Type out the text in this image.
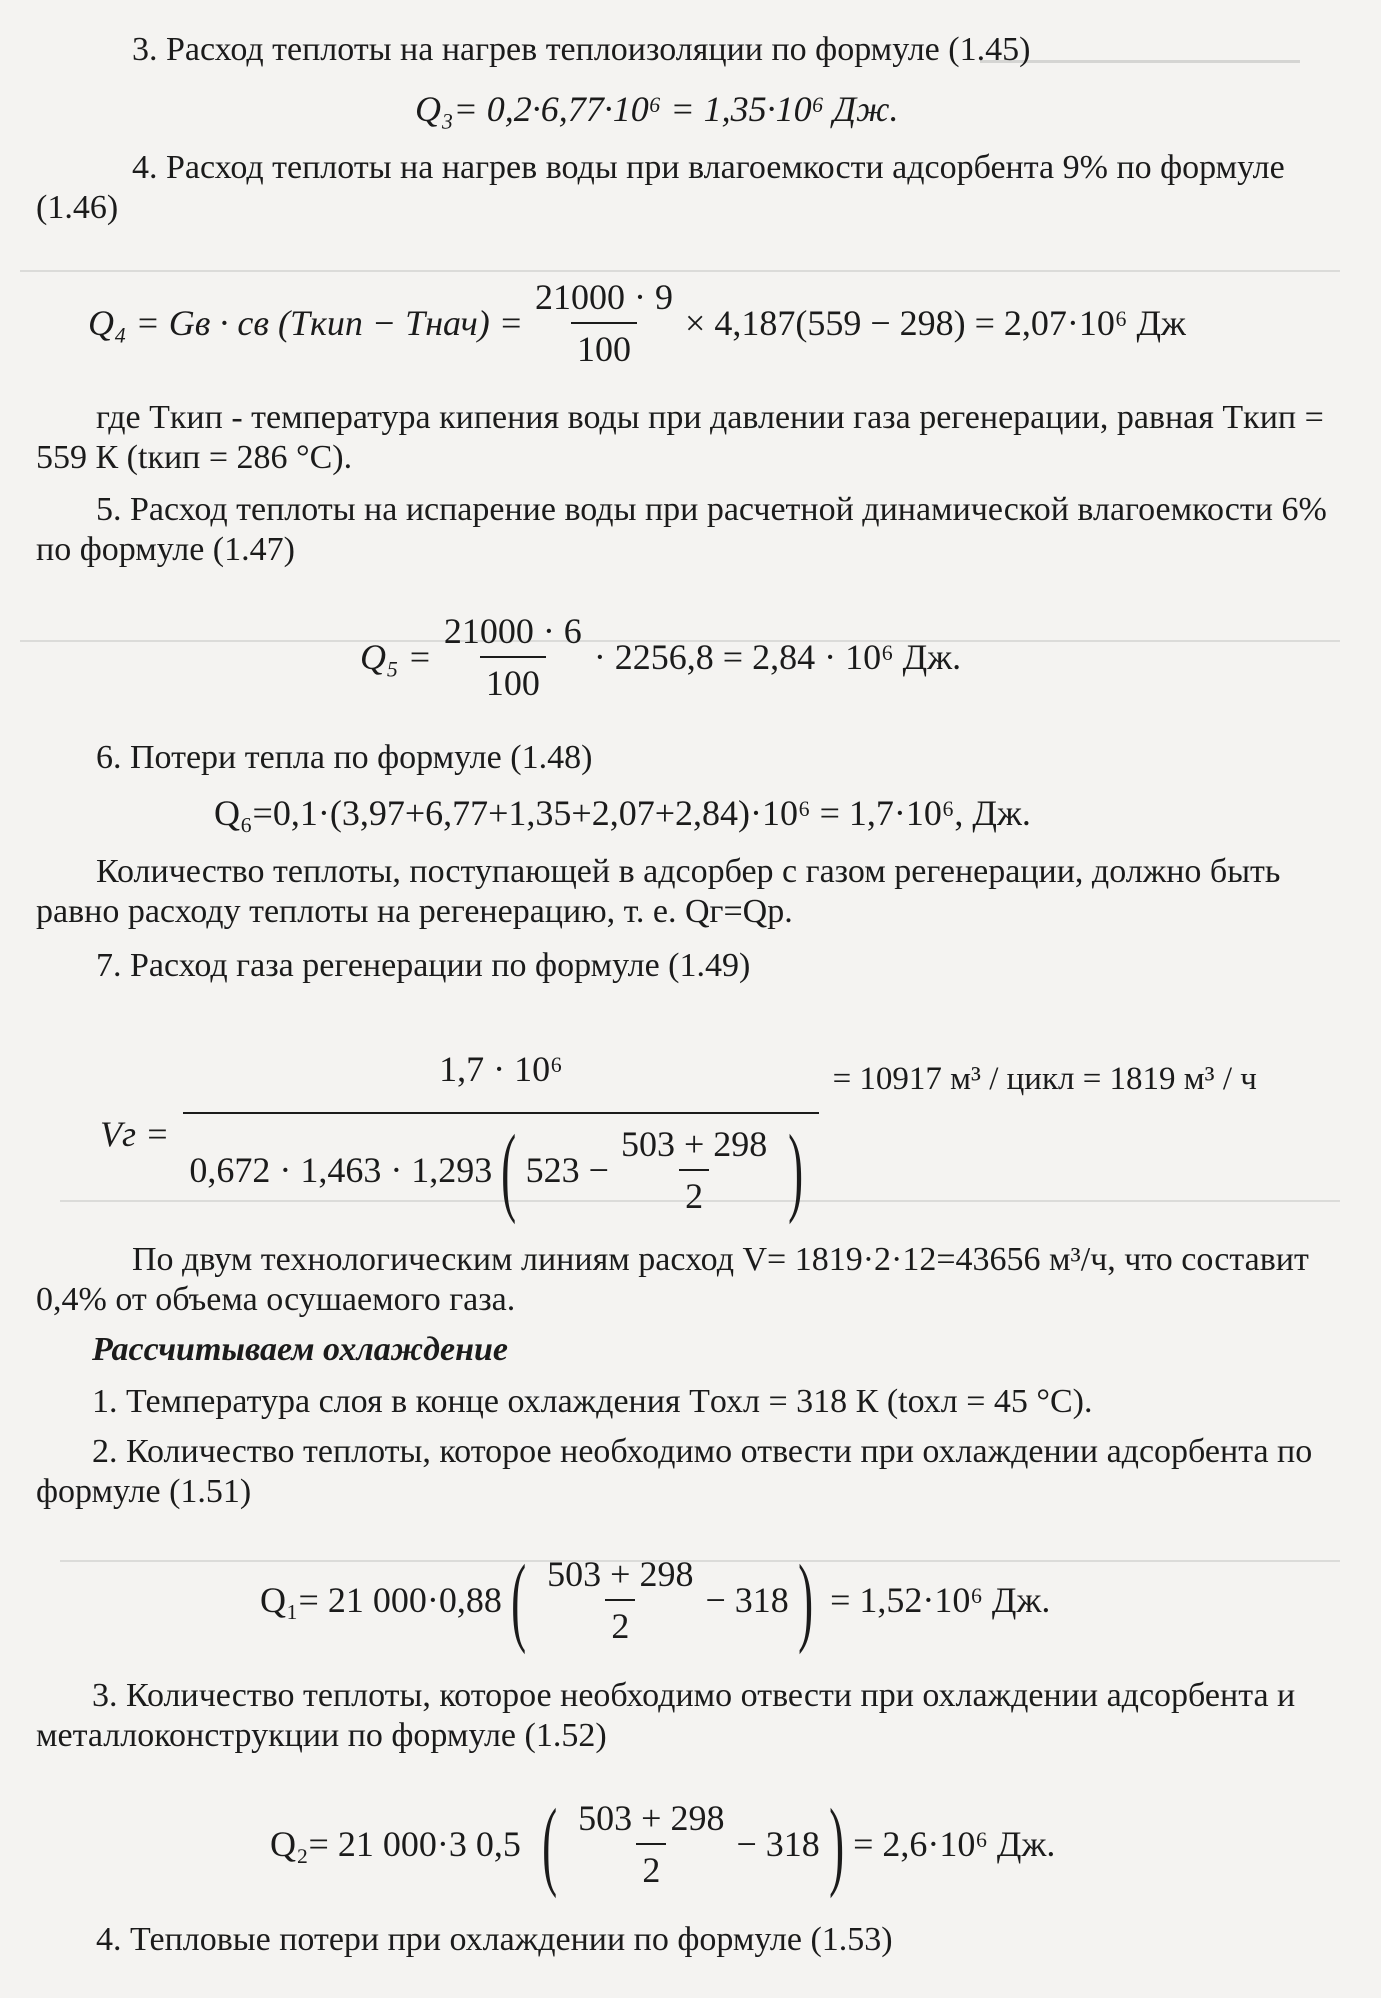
3. Расход теплоты на нагрев теплоизоляции по формуле (1.45)
Q₃= 0,2·6,77·10⁶ = 1,35·10⁶ Дж.
4. Расход теплоты на нагрев воды при влагоемкости адсорбента 9% по формуле (1.46)
Q₄ = Gв · cв (Tкип − Tнач) = $\frac{21000 \cdot 9}{100} \times 4,187(559 - 298) = 2,07\cdot 10^6$ Дж
где Tкип - температура кипения воды при давлении газа регенерации, равная Tкип = 559 К (tкип = 286 °С).
5. Расход теплоты на испарение воды при расчетной динамической влагоемкости 6% по формуле (1.47)
$Q_5 = \frac{21000 \cdot 6}{100} \cdot 2256,8 = 2,84 \cdot 10^6$ Дж.
6. Потери тепла по формуле (1.48)
Q₆=0,1·(3,97+6,77+1,35+2,07+2,84)·10⁶ = 1,7·10⁶, Дж.
Количество теплоты, поступающей в адсорбер с газом регенерации, должно быть равно расходу теплоты на регенерацию, т. е. Qг=Qр.
7. Расход газа регенерации по формуле (1.49)
Vг =
1,7 · 10⁶
0,672 · 1,463 · 1,293 ( $523 - \frac{503 + 298}{2}$ )
= 10917 м³ / цикл = 1819 м³ / ч
По двум технологическим линиям расход V= 1819·2·12=43656 м³/ч, что составит 0,4% от объема осушаемого газа.
Рассчитываем охлаждение
1. Температура слоя в конце охлаждения Tохл = 318 К (tохл = 45 °С).
2. Количество теплоты, которое необходимо отвести при охлаждении адсорбента по формуле (1.51)
Q₁= 21 000·0,88 ( $\frac{503 + 298}{2} - 318$ ) = 1,52·10⁶ Дж.
3. Количество теплоты, которое необходимо отвести при охлаждении адсорбента и металлоконструкции по формуле (1.52)
Q₂= 21 000·3 0,5 ( $\frac{503 + 298}{2} - 318$ ) = 2,6·10⁶ Дж.
4. Тепловые потери при охлаждении по формуле (1.53)
